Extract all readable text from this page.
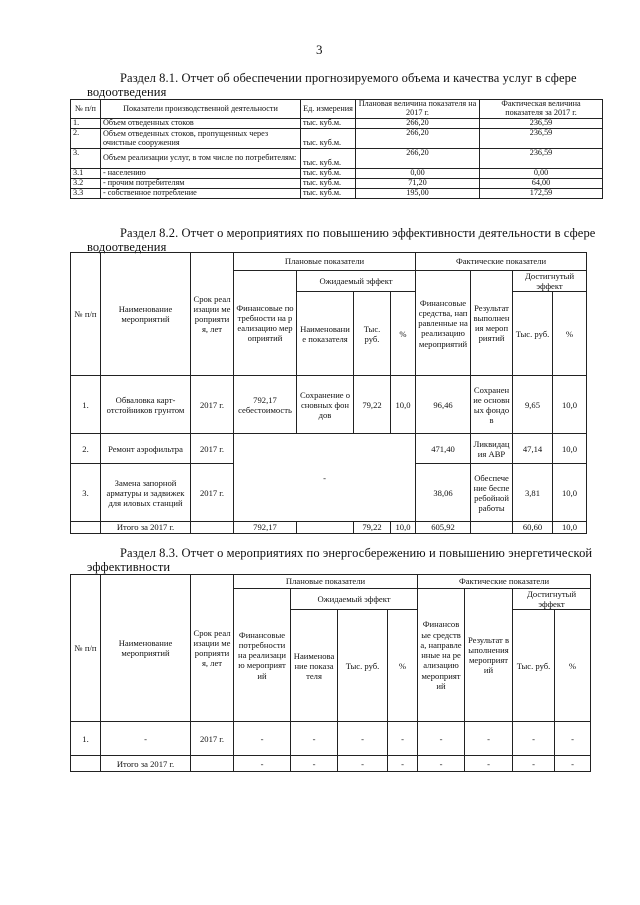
3
Раздел 8.1. Отчет об обеспечении прогнозируемого объема и качества услуг в сфере
водоотведения
№ п/п	Показатели производственной деятельности	Ед. измерения	Плановая величина показателя на 2017 г.	Фактическая величина показателя за 2017 г.
1.	Объем отведенных стоков	тыс. куб.м.	266,20	236,59
2.	Объем отведенных стоков, пропущенных через очистные сооружения	тыс. куб.м.	266,20	236,59
3.	Объем реализации услуг, в том числе по потребителям:	тыс. куб.м.	266,20	236,59
3.1	- населению	тыс. куб.м.	0,00	0,00
3.2	- прочим потребителям	тыс. куб.м.	71,20	64,00
3.3	- собственное потребление	тыс. куб.м.	195,00	172,59
Раздел 8.2. Отчет о мероприятиях по повышению эффективности деятельности в сфере
водоотведения
№ п/п	Наименование мероприятий	Срок реализации мероприятия, лет	Плановые показатели				Фактические показатели			
			Финансовые потребности на реализацию мероприятий	Ожидаемый эффект			Финансовые средства, направленные на реализацию мероприятий	Результат выполнения мероприятий	Достигнутый эффект	
				Наименование показателя	Тыс. руб.	%			Тыс. руб.	%
1.	Обваловка карт-отстойников грунтом	2017 г.	792,17 себестоимость	Сохранение основных фондов	79,22	10,0	96,46	Сохранение основных фондов	9,65	10,0
2.	Ремонт аэрофильтра	2017 г.	-				471,40	Ликвидация АВР	47,14	10,0
3.	Замена запорной арматуры и задвижек для иловых станций	2017 г.					38,06	Обеспечение бесперебойной работы	3,81	10,0
	Итого за 2017 г.		792,17		79,22	10,0	605,92		60,60	10,0
Раздел 8.3. Отчет о мероприятиях по энергосбережению и повышению энергетической
эффективности
№ п/п	Наименование мероприятий	Срок реализации мероприятия, лет	Плановые показатели				Фактические показатели			
			Финансовые потребности на реализацию мероприятий	Ожидаемый эффект			Финансовые средства, направленные на реализацию мероприятий	Результат выполнения мероприятий	Достигнутый эффект	
				Наименование показателя	Тыс. руб.	%			Тыс. руб.	%
1.	-	2017 г.	-	-	-	-	-	-	-	-
	Итого за 2017 г.		-	-	-	-	-	-	-	-
